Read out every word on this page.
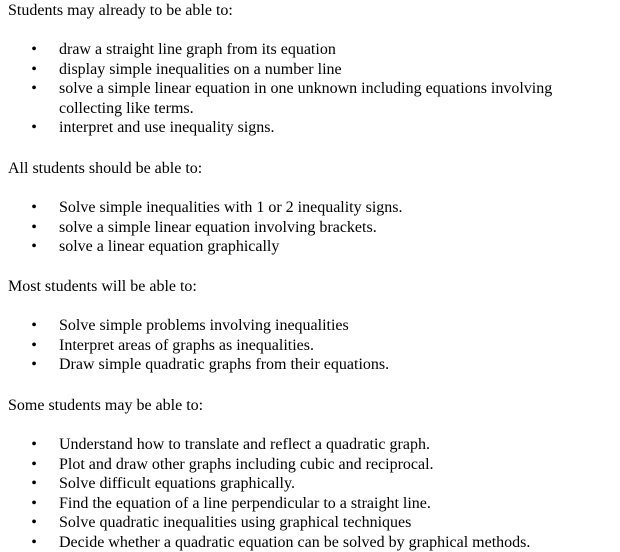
Students may already to be able to:

•
draw a straight line graph from its equation
•
display simple inequalities on a number line
•
solve a simple linear equation in one unknown including equations involving collecting like terms.
•
interpret and use inequality signs.

All students should be able to:

•
Solve simple inequalities with 1 or 2 inequality signs.
•
solve a simple linear equation involving brackets.
•
solve a linear equation graphically

Most students will be able to:

•
Solve simple problems involving inequalities
•
Interpret areas of graphs as inequalities.
•
Draw simple quadratic graphs from their equations.

Some students may be able to:

•
Understand how to translate and reflect a quadratic graph.
•
Plot and draw other graphs including cubic and reciprocal.
•
Solve difficult equations graphically.
•
Find the equation of a line perpendicular to a straight line.
•
Solve quadratic inequalities using graphical techniques
•
Decide whether a quadratic equation can be solved by graphical methods.
